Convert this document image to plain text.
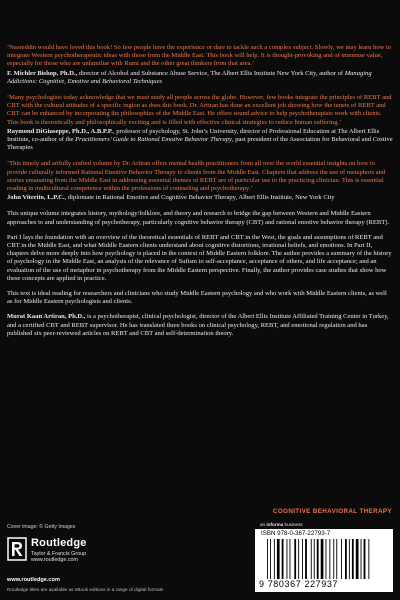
‘Nasreddin would have loved this book! So few people have the experience or dare to tackle such a complex subject. Slowly, we may learn how to integrate Western psychotherapeutic ideas with those from the Middle East. This book will help. It is thought-provoking and of immense value, especially for those who are unfamiliar with Rumi and the other great thinkers from that area.’

F. Michler Bishop, Ph.D., director of Alcohol and Substance Abuse Service, The Albert Ellis Institute New York City, author of Managing Addictions: Cognitive, Emotive and Behavioral Techniques

‘Many psychologists today acknowledge that we must study all people across the globe. However, few books integrate the principles of REBT and CBT with the cultural attitudes of a specific region as does this book. Dr. Artiran has done an excellent job showing how the tenets of REBT and CBT can be enhanced by incorporating the philosophies of the Middle East. He offers sound advice to help psychotherapists work with clients. This book is theoretically and philosophically exciting and is filled with effective clinical strategies to reduce human suffering.’

Raymond DiGiuseppe, Ph.D., A.B.P.P., professor of psychology, St. John’s University, director of Professional Education at The Albert Ellis Institute, co-author of the Practitioners’ Guide to Rational Emotive Behavior Therapy, past president of the Association for Behavioral and Costive Therapies

‘This timely and artfully crafted volume by Dr. Artiran offers mental health practitioners from all over the world essential insights on how to provide culturally informed Rational Emotive Behavior Therapy to clients from the Middle East. Chapters that address the use of metaphors and stories emanating from the Middle East in addressing essential themes of REBT are of particular use to the practicing clinician. This is essential reading in multicultural competence within the professions of counseling and psychotherapy.’

John Viterito, L.P.C., diplomate in Rational Emotive and Cognitive Behavior Therapy, Albert Ellis Institute, New York City

This unique volume integrates history, mythology/folklore, and theory and research to bridge the gap between Western and Middle Eastern approaches to and understanding of psychotherapy, particularly cognitive behavior therapy (CBT) and rational emotive behavior therapy (REBT).

Part I lays the foundation with an overview of the theoretical essentials of REBT and CBT in the West, the goals and assumptions of REBT and CBT in the Middle East, and what Middle Eastern clients understand about cognitive distortions, irrational beliefs, and emotions. In Part II, chapters delve more deeply into how psychology is placed in the context of Middle Eastern folklore. The author provides a summary of the history of psychology in the Middle East, an analysis of the relevance of Sufism to self-acceptance, acceptance of others, and life acceptance; and an evaluation of the use of metaphor in psychotherapy from the Middle Eastern perspective. Finally, the author provides case studies that show how these concepts are applied in practice.

This text is ideal reading for researchers and clinicians who study Middle Eastern psychology and who work with Middle Eastern clients, as well as for Middle Eastern psychologists and clients.

Murat Kaan Artiran, Ph.D., is a psychotherapist, clinical psychologist, director of the Albert Ellis Institute Affiliated Training Center in Turkey, and a certified CBT and REBT supervisor. He has translated three books on clinical psychology, REBT, and emotional regulation and has published six peer-reviewed articles on REBT and CBT and self-determination theory.

COGNITIVE BEHAVIORAL THERAPY
Cover image: © Getty Images
Routledge
Taylor & Francis Group
www.routledge.com
www.routledge.com
Routledge titles are available as eBook editions in a range of digital formats
an informa business
ISBN 978-0-367-22793-7
9 780367 227937
